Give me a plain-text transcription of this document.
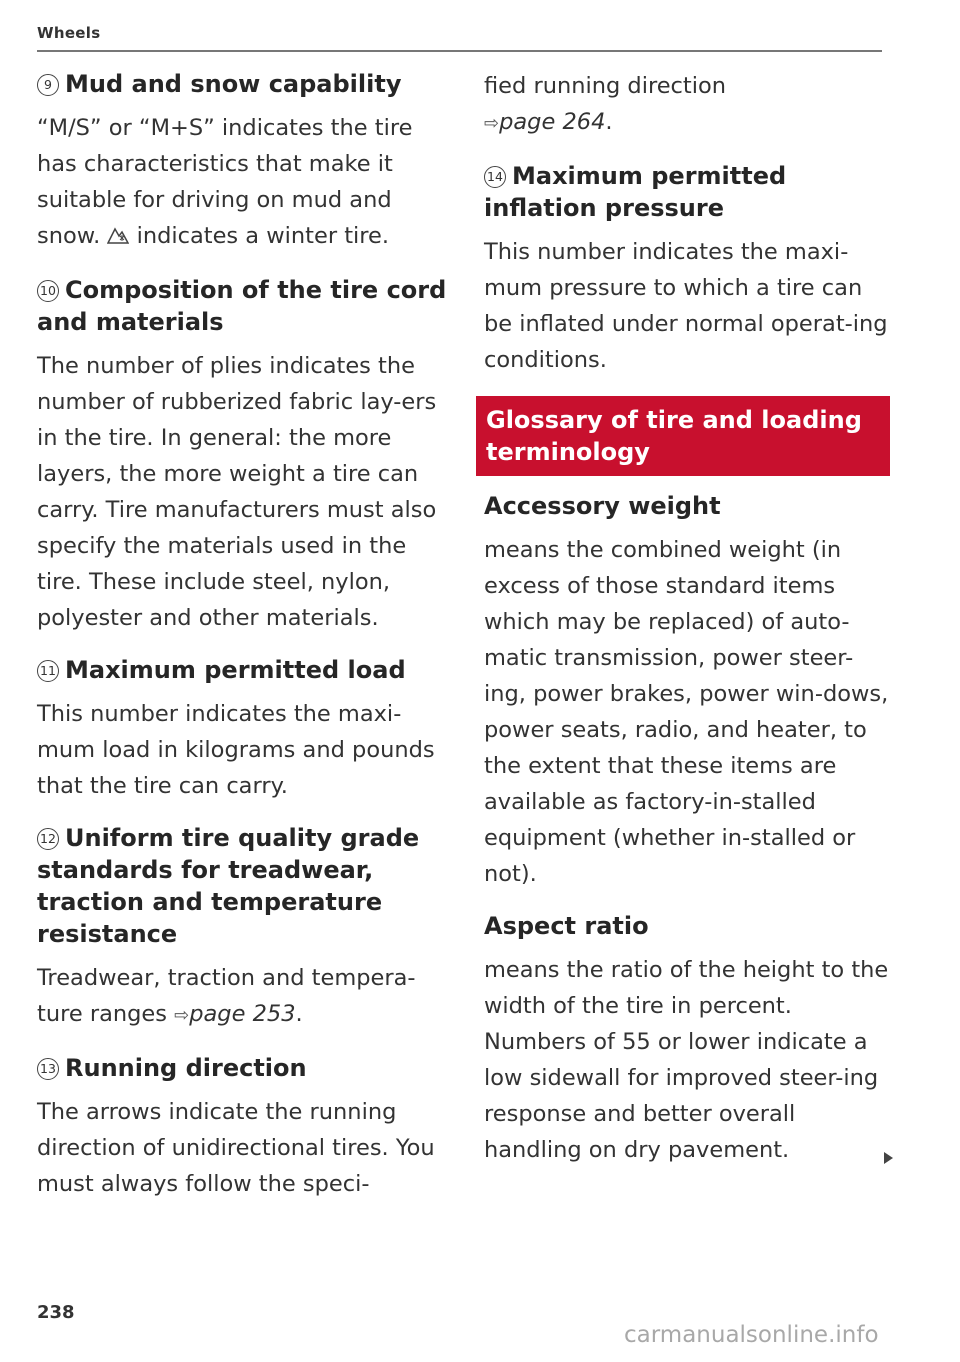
Wheels
9 Mud and snow capability

“M/S” or “M+S” indicates the tire has characteristics that make it suitable for driving on mud and snow. indicates a winter tire.

10 Composition of the tire cord and materials

The number of plies indicates the number of rubberized fabric lay-ers in the tire. In general: the more layers, the more weight a tire can carry. Tire manufacturers must also specify the materials used in the tire. These include steel, nylon, polyester and other materials.

11 Maximum permitted load

This number indicates the maxi-mum load in kilograms and pounds that the tire can carry.

12 Uniform tire quality grade standards for treadwear, traction and temperature resistance

Treadwear, traction and tempera-ture ranges ⇨page 253.

13 Running direction

The arrows indicate the running direction of unidirectional tires. You must always follow the speci-

fied running direction
⇨page 264.

14 Maximum permitted inflation pressure

This number indicates the maxi-mum pressure to which a tire can be inflated under normal operat-ing conditions.

Glossary of tire and loading terminology
Accessory weight

means the combined weight (in excess of those standard items which may be replaced) of auto-matic transmission, power steer-ing, power brakes, power win-dows, power seats, radio, and heater, to the extent that these items are available as factory-in-stalled equipment (whether in-stalled or not).

Aspect ratio

means the ratio of the height to the width of the tire in percent. Numbers of 55 or lower indicate a low sidewall for improved steer-ing response and better overall handling on dry pavement.

238
carmanualsonline.info
